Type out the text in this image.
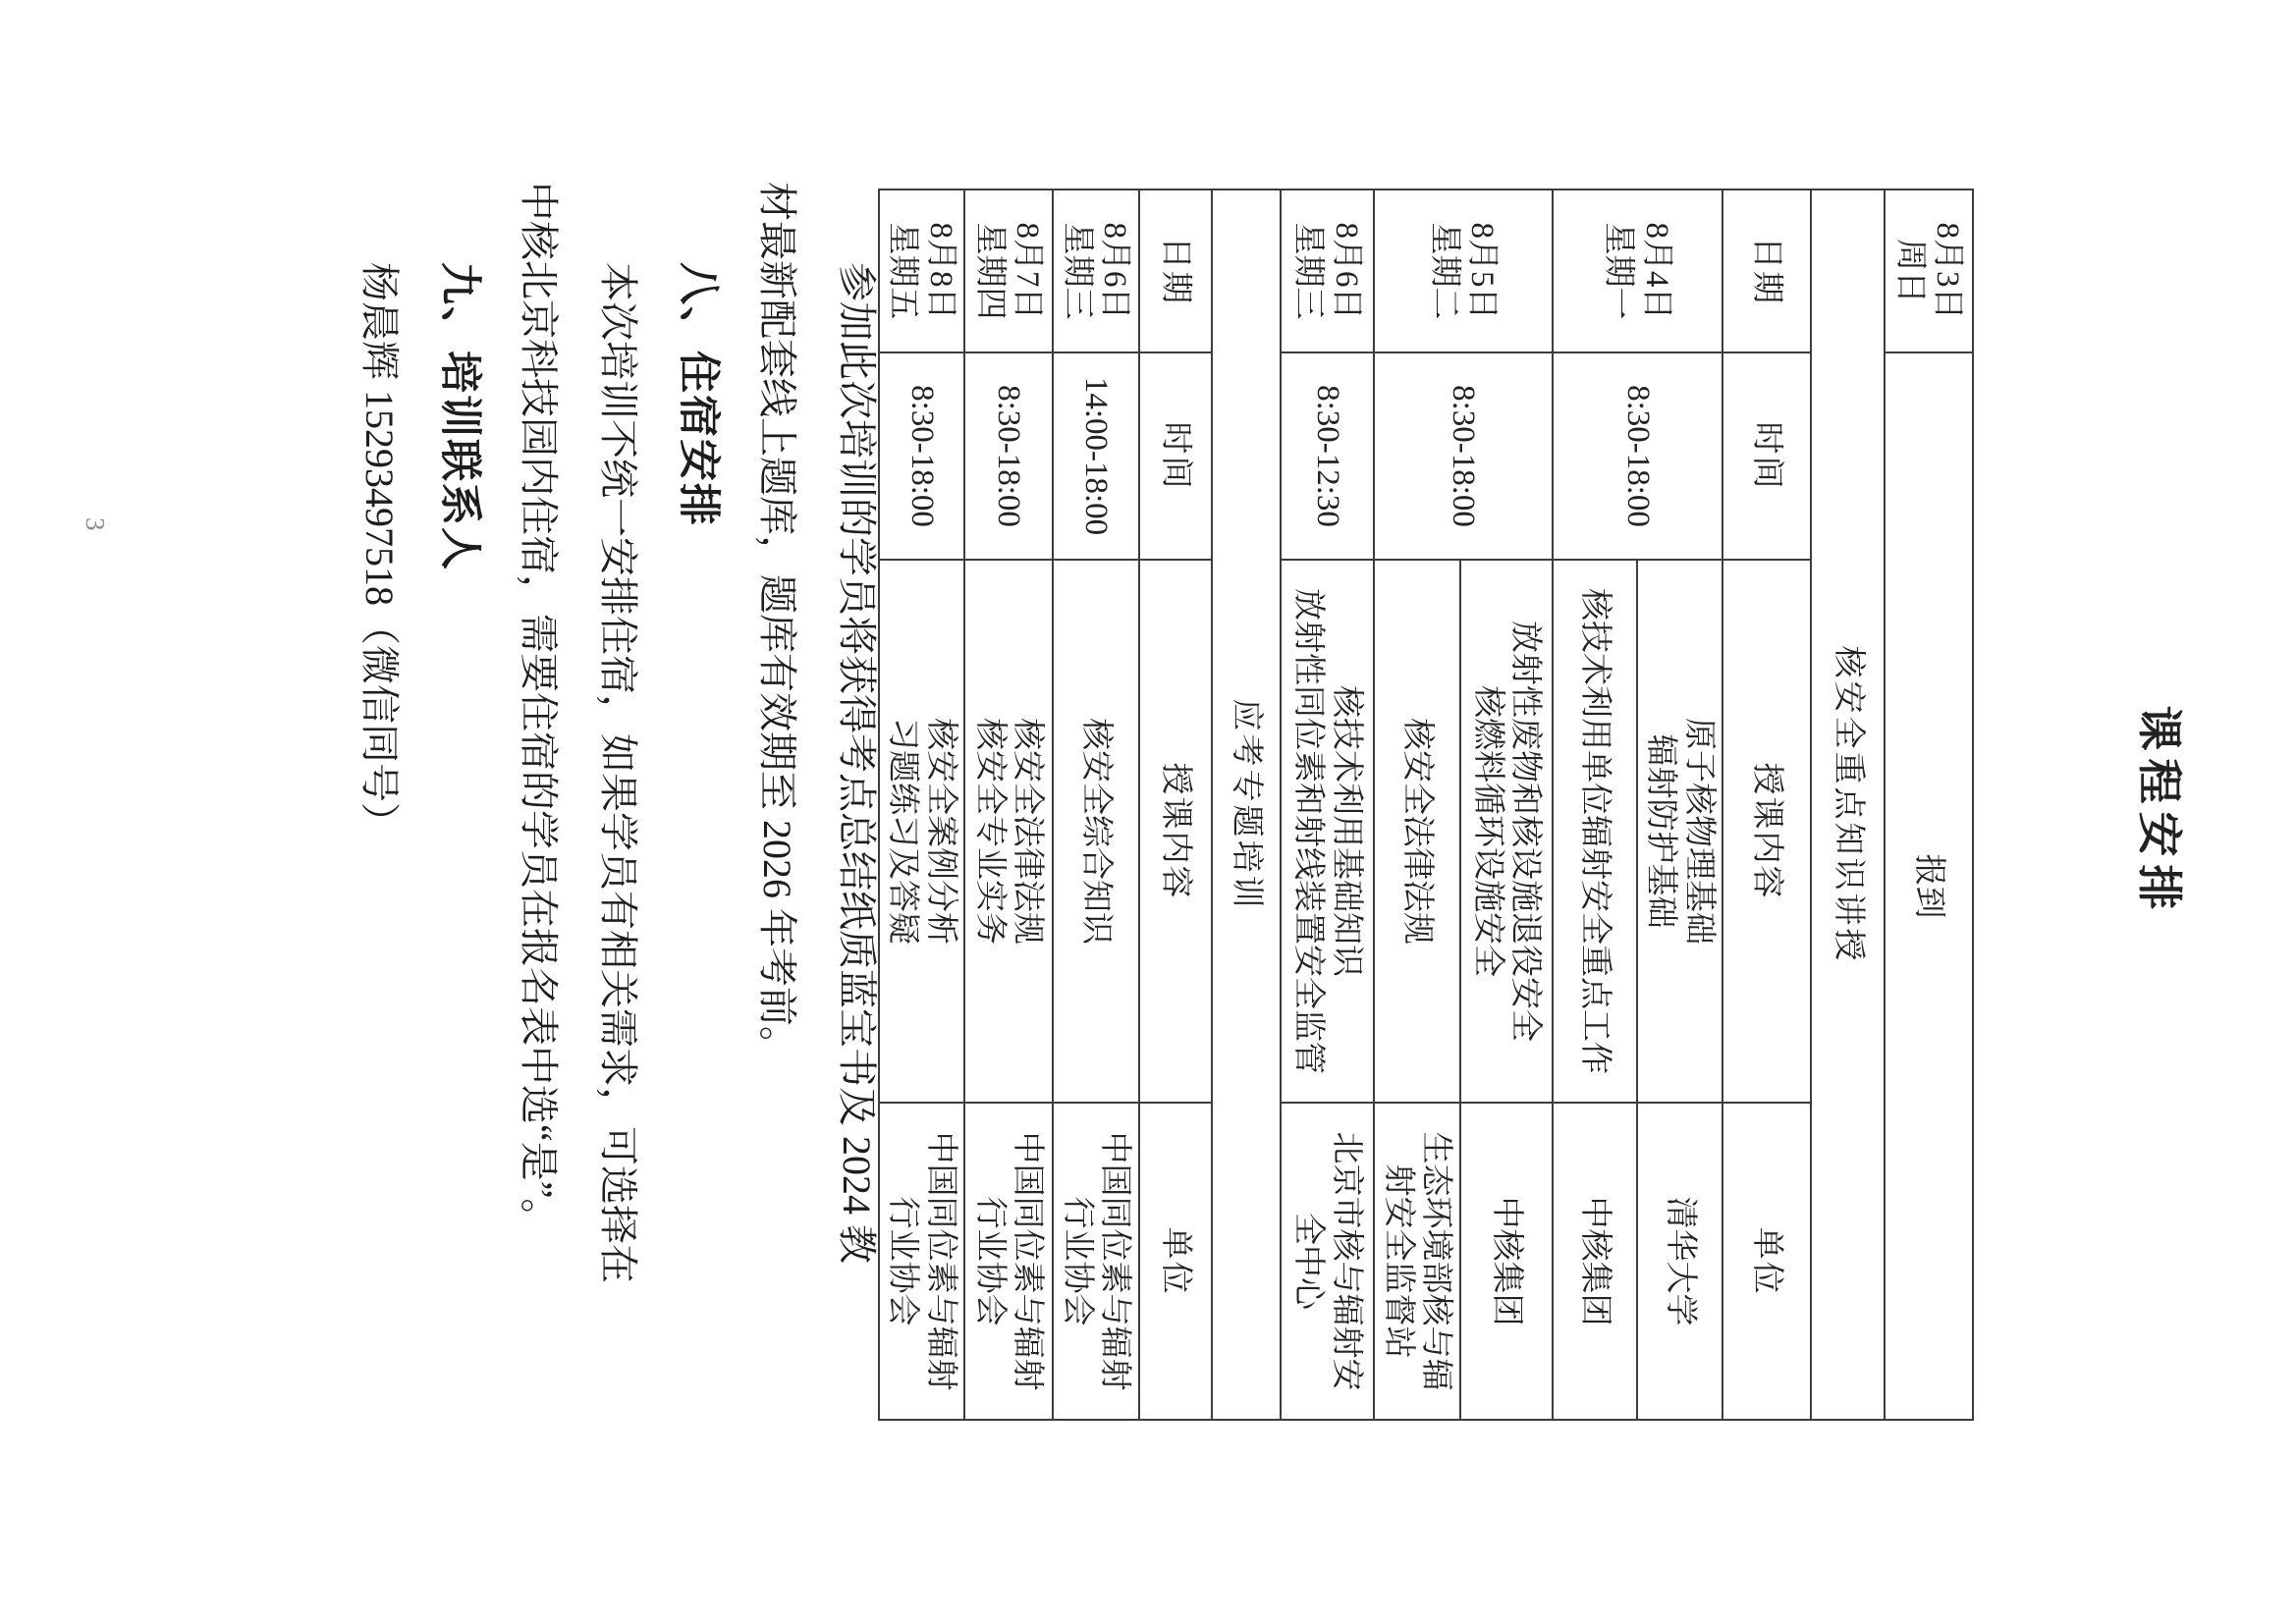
课程安排
8月3日
周日	报到		
核安全重点知识讲授			
日期	时间	授课内容	单位

8月4日
星期一	8:30-18:00	原子核物理基础
辐射防护基础	清华大学
		核技术利用单位辐射安全重点工作	中核集团

8月5日
星期二	8:30-18:00	放射性废物和核设施退役安全
核燃料循环设施安全	中核集团
		核安全法律法规	生态环境部核与辐
射安全监督站

8月6日
星期三	8:30-12:30	核技术利用基础知识
放射性同位素和射线装置安全监管	北京市核与辐射安
全中心

应考专题培训			
日期	时间	授课内容	单位

8月6日
星期三	14:00-18:00	核安全综合知识	中国同位素与辐射
行业协会

8月7日
星期四	8:30-18:00	核安全法律法规
核安全专业实务	中国同位素与辐射
行业协会

8月8日
星期五	8:30-18:00	核安全案例分析
习题练习及答疑	中国同位素与辐射
行业协会
参加此次培训的学员将获得考点总结纸质蓝宝书及 2024 教
材最新配套线上题库，题库有效期至 2026 年考前。
八、住宿安排
本次培训不统一安排住宿，如果学员有相关需求，可选择在
中核北京科技园内住宿，需要住宿的学员在报名表中选“是”。
九、培训联系人
杨晨辉 15293497518（微信同号）
3
